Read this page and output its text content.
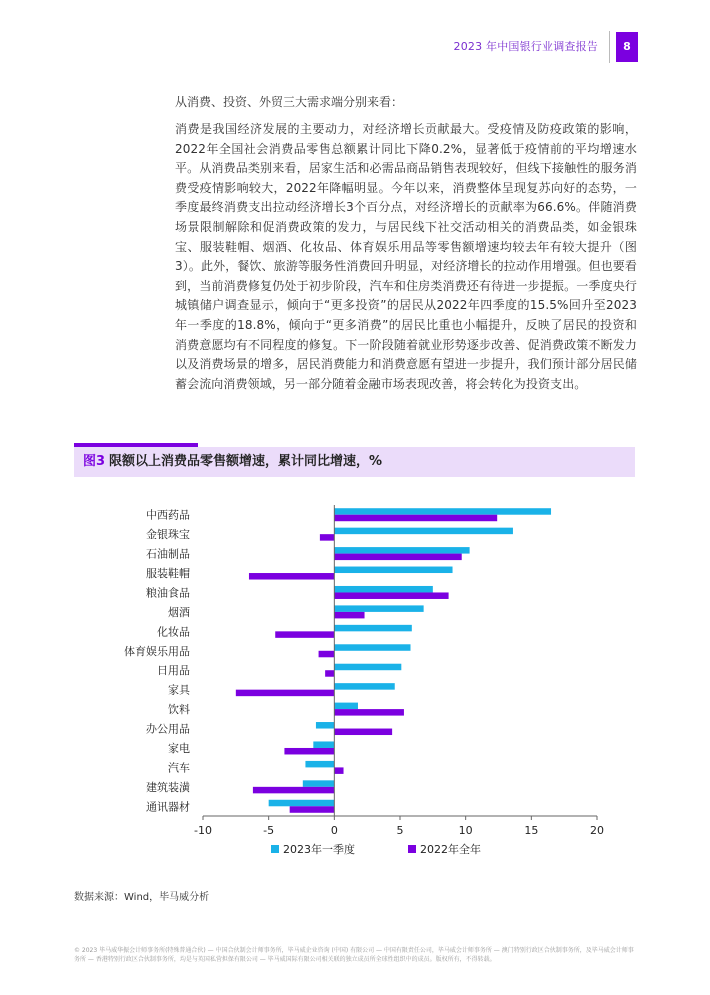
2023 年中国银行业调查报告	8
从消费、投资、外贸三大需求端分别来看：

消费是我国经济发展的主要动力，对经济增长贡献最大。受疫情及防疫政策的影响，2022年全国社会消费品零售总额累计同比下降0.2%，显著低于疫情前的平均增速水平。从消费品类别来看，居家生活和必需品商品销售表现较好，但线下接触性的服务消费受疫情影响较大，2022年降幅明显。今年以来，消费整体呈现复苏向好的态势，一季度最终消费支出拉动经济增长3个百分点，对经济增长的贡献率为66.6%。伴随消费场景限制解除和促消费政策的发力，与居民线下社交活动相关的消费品类，如金银珠宝、服装鞋帽、烟酒、化妆品、体育娱乐用品等零售额增速均较去年有较大提升（图 3）。此外，餐饮、旅游等服务性消费回升明显，对经济增长的拉动作用增强。但也要看到，当前消费修复仍处于初步阶段，汽车和住房类消费还有待进一步提振。一季度央行城镇储户调查显示，倾向于“更多投资”的居民从2022年四季度的15.5%回升至2023年一季度的18.8%，倾向于“更多消费”的居民比重也小幅提升，反映了居民的投资和消费意愿均有不同程度的修复。下一阶段随着就业形势逐步改善、促消费政策不断发力以及消费场景的增多，居民消费能力和消费意愿有望进一步提升，我们预计部分居民储蓄会流向消费领域，另一部分随着金融市场表现改善，将会转化为投资支出。

图3 限额以上消费品零售额增速，累计同比增速，%
中西药品
金银珠宝
石油制品
服装鞋帽
粮油食品
烟酒
化妆品
体育娱乐用品
日用品
家具
饮料
办公用品
家电
汽车
建筑装潢
通讯器材
-10	-5	0	5	10	15	20
2023年一季度	2022年全年
数据来源：Wind，毕马威分析
© 2023 毕马威华振会计师事务所(特殊普通合伙) — 中国合伙制会计师事务所，毕马威企业咨询 (中国) 有限公司 — 中国有限责任公司，毕马威会计师事务所 — 澳门特别行政区合伙制事务所，及毕马威会计师事务所 — 香港特别行政区合伙制事务所，均是与英国私营担保有限公司 — 毕马威国际有限公司相关联的独立成员所全球性组织中的成员。版权所有，不得转载。
